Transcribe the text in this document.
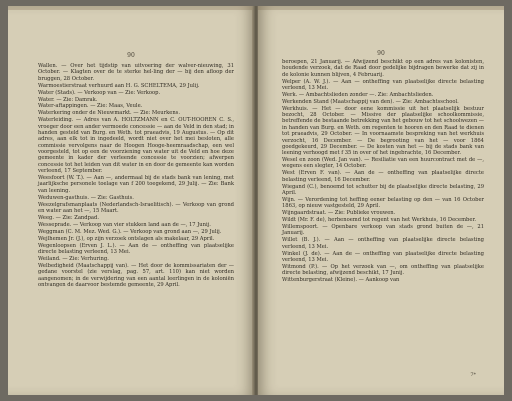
90

Wallen. — Over het tijdstip van uitvoering der walver-nieuwing, 31 October. — Klagten over de te sterke hel-ling der — bij den afloop der bruggen, 28 October.

Warmoestierstraat verhuurd aan H. G. SCHELTEMA, 29 Julij.

Water (Stads). — Verkoop van — Zie: Verkoop.

Water. — Zie: Damrak.

Water-aftappingen. — Zie: Maas, Veule.

Waterkering onder de Nieuwmarkt. — Zie: Meurkens.

Waterleiding. — Adres van A. HOLTZMANN en C. OUT-HOOREN C. S., vroeger door een ander vermoede concessie — aan de Veld in den stad; in handen gesteld van Burg. en Weth. tot praeadvis, 19 Augustus. — Op dit adres, aan elk tot in ingedeeld, wordt niet over het mei besloten, alle commissie vervolgens naar de Hoogen Hooge-heemraadschap, een wel voorgesteld, tot op een de voorziening van water uit de Veld en hoe deze gemeente in kader der verleende concessie te voorzien; afwerpen concessie tot het leiden van dit water in en door de gemeente kan worden verleend, 17 September.

Weesfoort (W. T.). — Aan —, andermaal bij de stads bank van lening, met jaarlijksche personele toelage van f 200 toegekend, 29 Julij. — Zie: Bank van leening.

Weduwen-gasthuis. — Zie: Gasthuis.

Weezelgrafsmanplaats (Nederlandsch-Israelitisch). — Verkoop van grond en water aan het —, 15 Maart.

Weeg. — Zie: Zandpad.

Wesseprade. — Verkoop van vier stukken land aan de —, 17 Junij.

Weggman (C. M. Mez. Wed. G.). — Verkoop van grond aan —, 29 Julij.

Wejlhemen Jr. (J.), op zijn verzoek ontslagen als makelaar, 29 April.

Wegenloopsen (Erven J. L.). — Aan de — ontheffing van plaatselijke directe belasting verleend, 13 Mei.

Weiland. — Zie: Verhuring.

Welbedigheid (Maatschappij van). — Het door de kommissariaten der — gedane voorstel (zie verslag, pag. 57, art. 110) kan niet worden aangenomen; in de verwijdering van een aantal leerlingen in de koloniën ontvangen de daarvoor bestemde gemeente, 29 April.

90

beroepen, 21 Januarij. — Afwijzend beschikt op een adres van kolonisten, houdende verzoek, dat de Raad door gedelijke bijdragen bewerke dat zij in de kolonie kunnen blijven, 4 Februarij.

Welper (A. W. J.). — Aan — ontheffing van plaatselijke directe belasting verleend, 13 Mei.

Werk. — Ambachtslieden zonder —. Zie: Ambachtslieden.

Werkenden Stand (Maatschappij van den). — Zie: Ambachtsschool.

Werkhuis. — Het — door eene kommissie uit het plaatselijk bestuur bezocht, 28 October. — Missive der plaatselijke schoolkommissie, betreffende de bestaande betrekking van het gebouw tot het schoolwezen — in handen van Burg. en Weth. om regenten te hooren en den Raad te dienen tot praeadvis, 29 October. — In voornaamste bespreking van het werkhuis verzocht, 16 December. — De begrooting van het — voor 1864 goedgekeurd, 29 December. — De kosten van het — bij de stads bank van leening verhoogd met f 35 in over of het ingebrachte, 16 December.

Wesel en zoon (Wed. Jan van). — Resiliatie van een huurcontract met de —, wegens een slegter, 14 October.

West (Erven F. van). — Aan de — ontheffing van plaatselijke directe belasting verleend, 16 December.

Wiegand (C.), benoemd tot schutter bij de plaatselijke directe belasting, 29 April.

Wijn. — Verordening tot heffing eener belasting op den — van 16 October 1863, op nieuw vastgesteld, 29 April.

Wijngaardstraat. — Zie: Publieke vrouwen.

Wildt (Mr. F. de), herbenoemd tot regent van het Werkhuis, 16 December.

Willemspoort. — Openbare verkoop van stads grond buiten de —, 21 Januarij.

Willet (B. J.). — Aan — ontheffing van plaatselijke directe belasting verleend, 13 Mei.

Winkel (J. de). — Aan de — ontheffing van plaatselijke directe belasting verleend, 13 Mei.

Witmond (P.). — Op het verzoek van —, om ontheffing van plaatselijke directe belasting, afwijzend beschikt, 17 Junij.

Wittenburgerstraat (Kleine). — Aankoop van

7*
